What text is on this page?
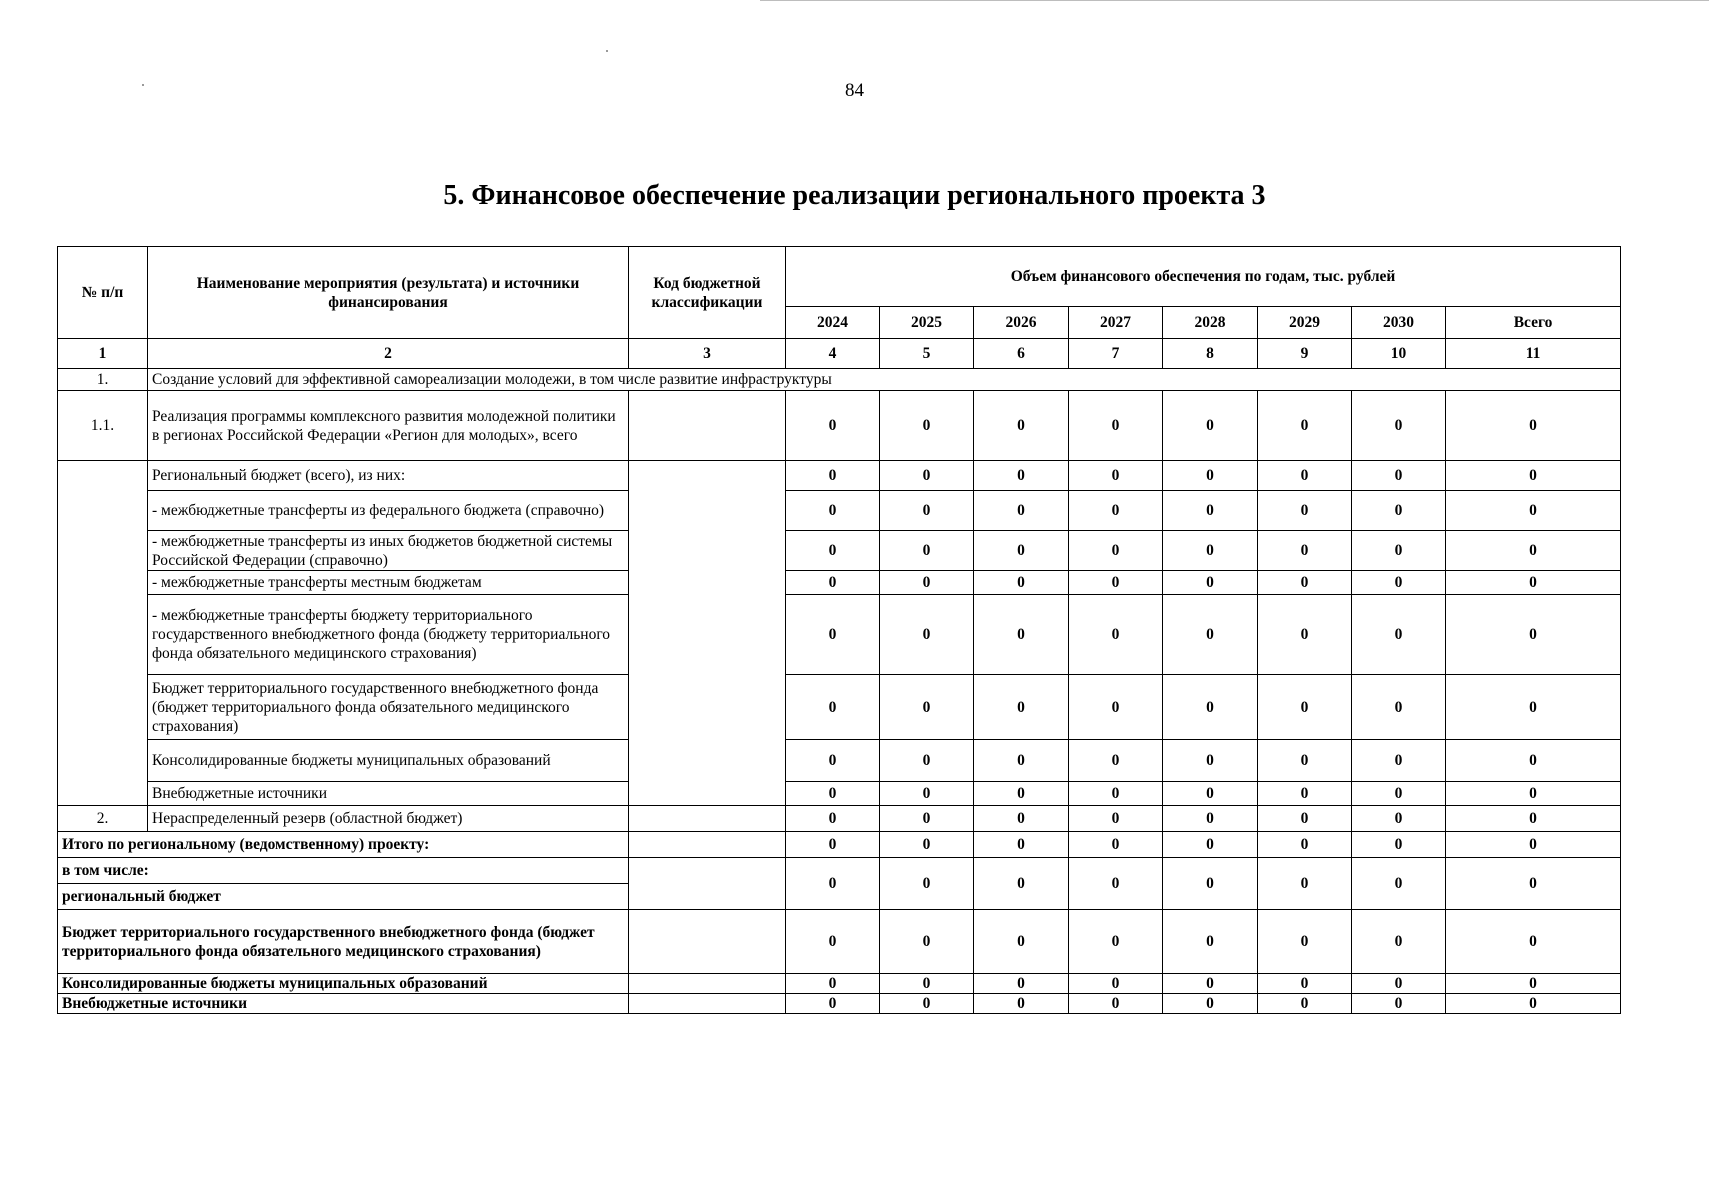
84
5. Финансовое обеспечение реализации регионального проекта 3
№ п/п	Наименование мероприятия (результата) и источники финансирования	Код бюджетной классификации	Объем финансового обеспечения по годам, тыс. рублей							
			2024	2025	2026	2027	2028	2029	2030	Всего
1	2	3	4	5	6	7	8	9	10	11
1.	Создание условий для эффективной самореализации молодежи, в том числе развитие инфраструктуры									
1.1.	Реализация программы комплексного развития молодежной политики в регионах Российской Федерации «Регион для молодых», всего		0	0	0	0	0	0	0	0
	Региональный бюджет (всего), из них:		0	0	0	0	0	0	0	0
	- межбюджетные трансферты из федерального бюджета (справочно)		0	0	0	0	0	0	0	0
	- межбюджетные трансферты из иных бюджетов бюджетной системы Российской Федерации (справочно)		0	0	0	0	0	0	0	0
	- межбюджетные трансферты местным бюджетам		0	0	0	0	0	0	0	0
	- межбюджетные трансферты бюджету территориального государственного внебюджетного фонда (бюджету территориального фонда обязательного медицинского страхования)		0	0	0	0	0	0	0	0
	Бюджет территориального государственного внебюджетного фонда (бюджет территориального фонда обязательного медицинского страхования)		0	0	0	0	0	0	0	0
	Консолидированные бюджеты муниципальных образований		0	0	0	0	0	0	0	0
	Внебюджетные источники		0	0	0	0	0	0	0	0
2.	Нераспределенный резерв (областной бюджет)		0	0	0	0	0	0	0	0
Итого по региональному (ведомственному) проекту:			0	0	0	0	0	0	0	0
в том числе:			0	0	0	0	0	0	0	0
региональный бюджет										
Бюджет территориального государственного внебюджетного фонда (бюджет территориального фонда обязательного медицинского страхования)			0	0	0	0	0	0	0	0
Консолидированные бюджеты муниципальных образований			0	0	0	0	0	0	0	0
Внебюджетные источники			0	0	0	0	0	0	0	0
